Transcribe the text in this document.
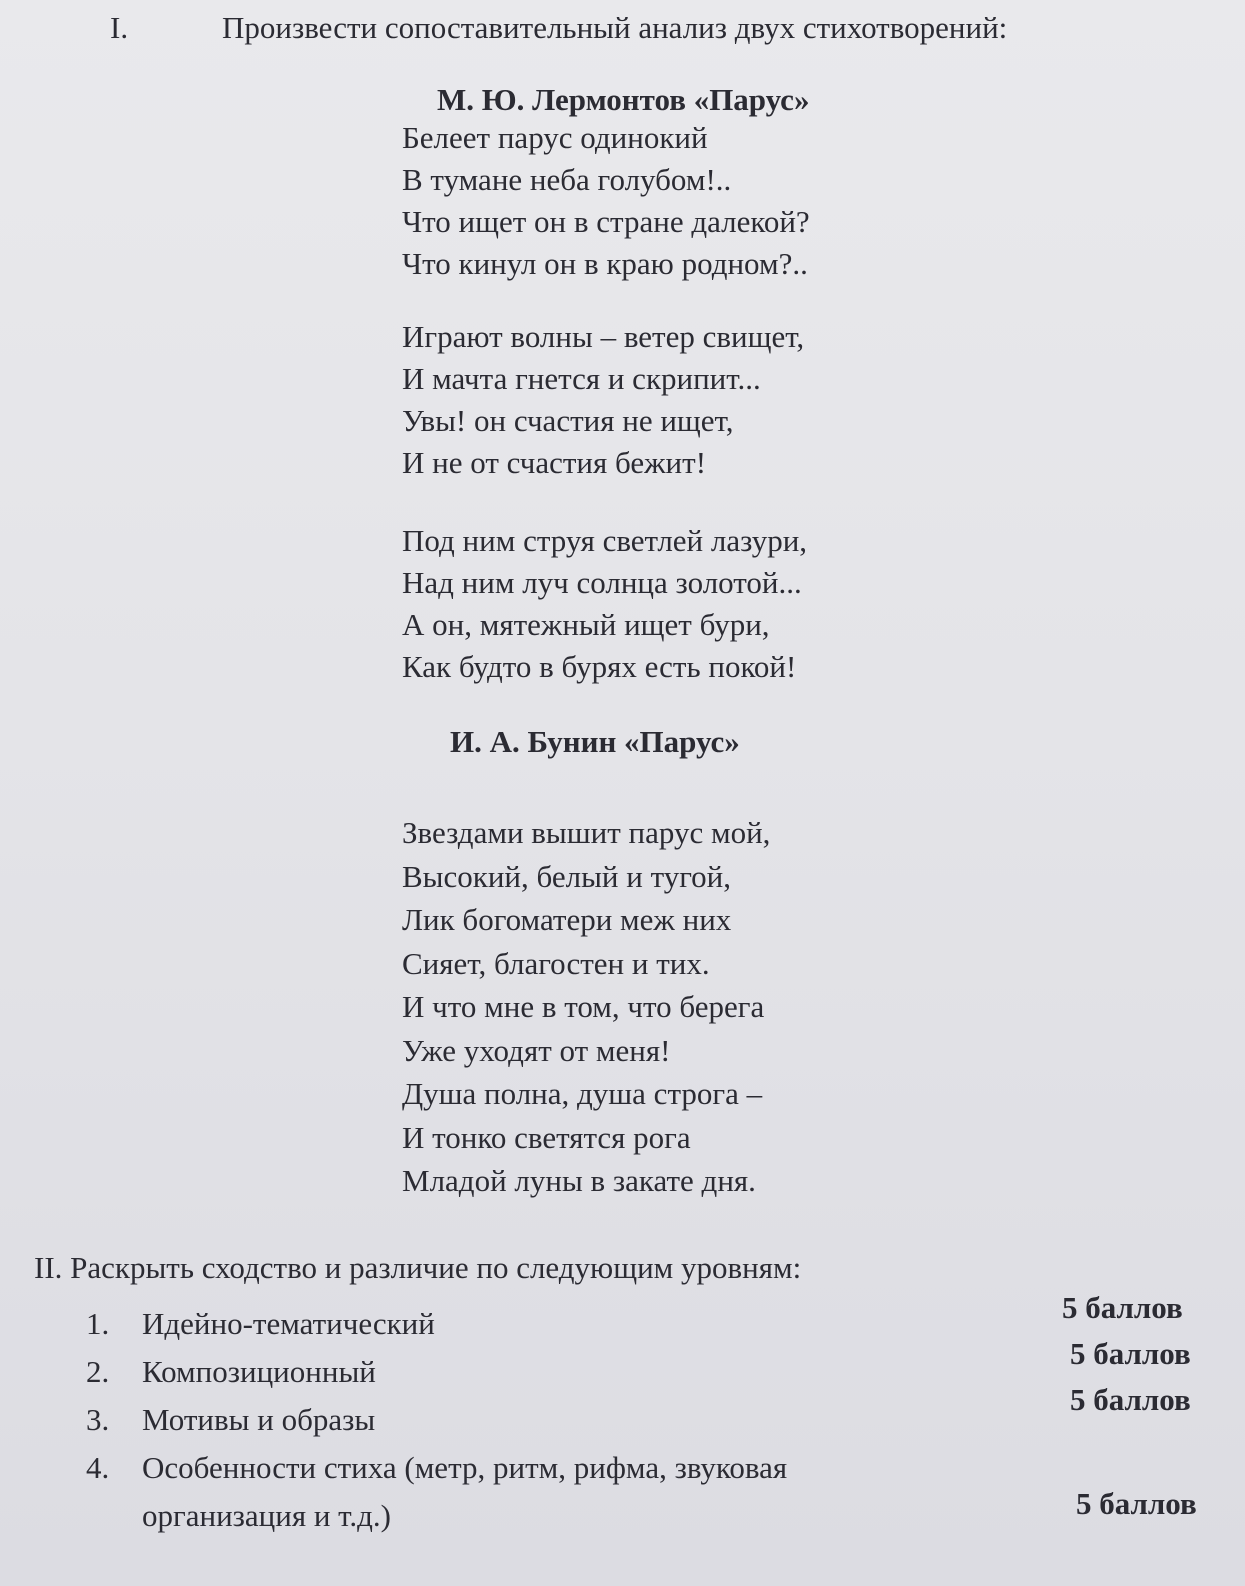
I.	Произвести сопоставительный анализ двух стихотворений:
М. Ю. Лермонтов «Парус»
Белеет парус одинокий
В тумане неба голубом!..
Что ищет он в стране далекой?
Что кинул он в краю родном?..
Играют волны – ветер свищет,
И мачта гнется и скрипит...
Увы! он счастия не ищет,
И не от счастия бежит!
Под ним струя светлей лазури,
Над ним луч солнца золотой...
А он, мятежный ищет бури,
Как будто в бурях есть покой!
И. А. Бунин «Парус»
Звездами вышит парус мой,
Высокий, белый и тугой,
Лик богоматери меж них
Сияет, благостен и тих.
И что мне в том, что берега
Уже уходят от меня!
Душа полна, душа строга –
И тонко светятся рога
Младой луны в закате дня.
II. Раскрыть сходство и различие по следующим уровням:
1. Идейно-тематический
2. Композиционный
3. Мотивы и образы
4. Особенности стиха (метр, ритм, рифма, звуковая
организация и т.д.)
5 баллов
5 баллов
5 баллов
5 баллов
